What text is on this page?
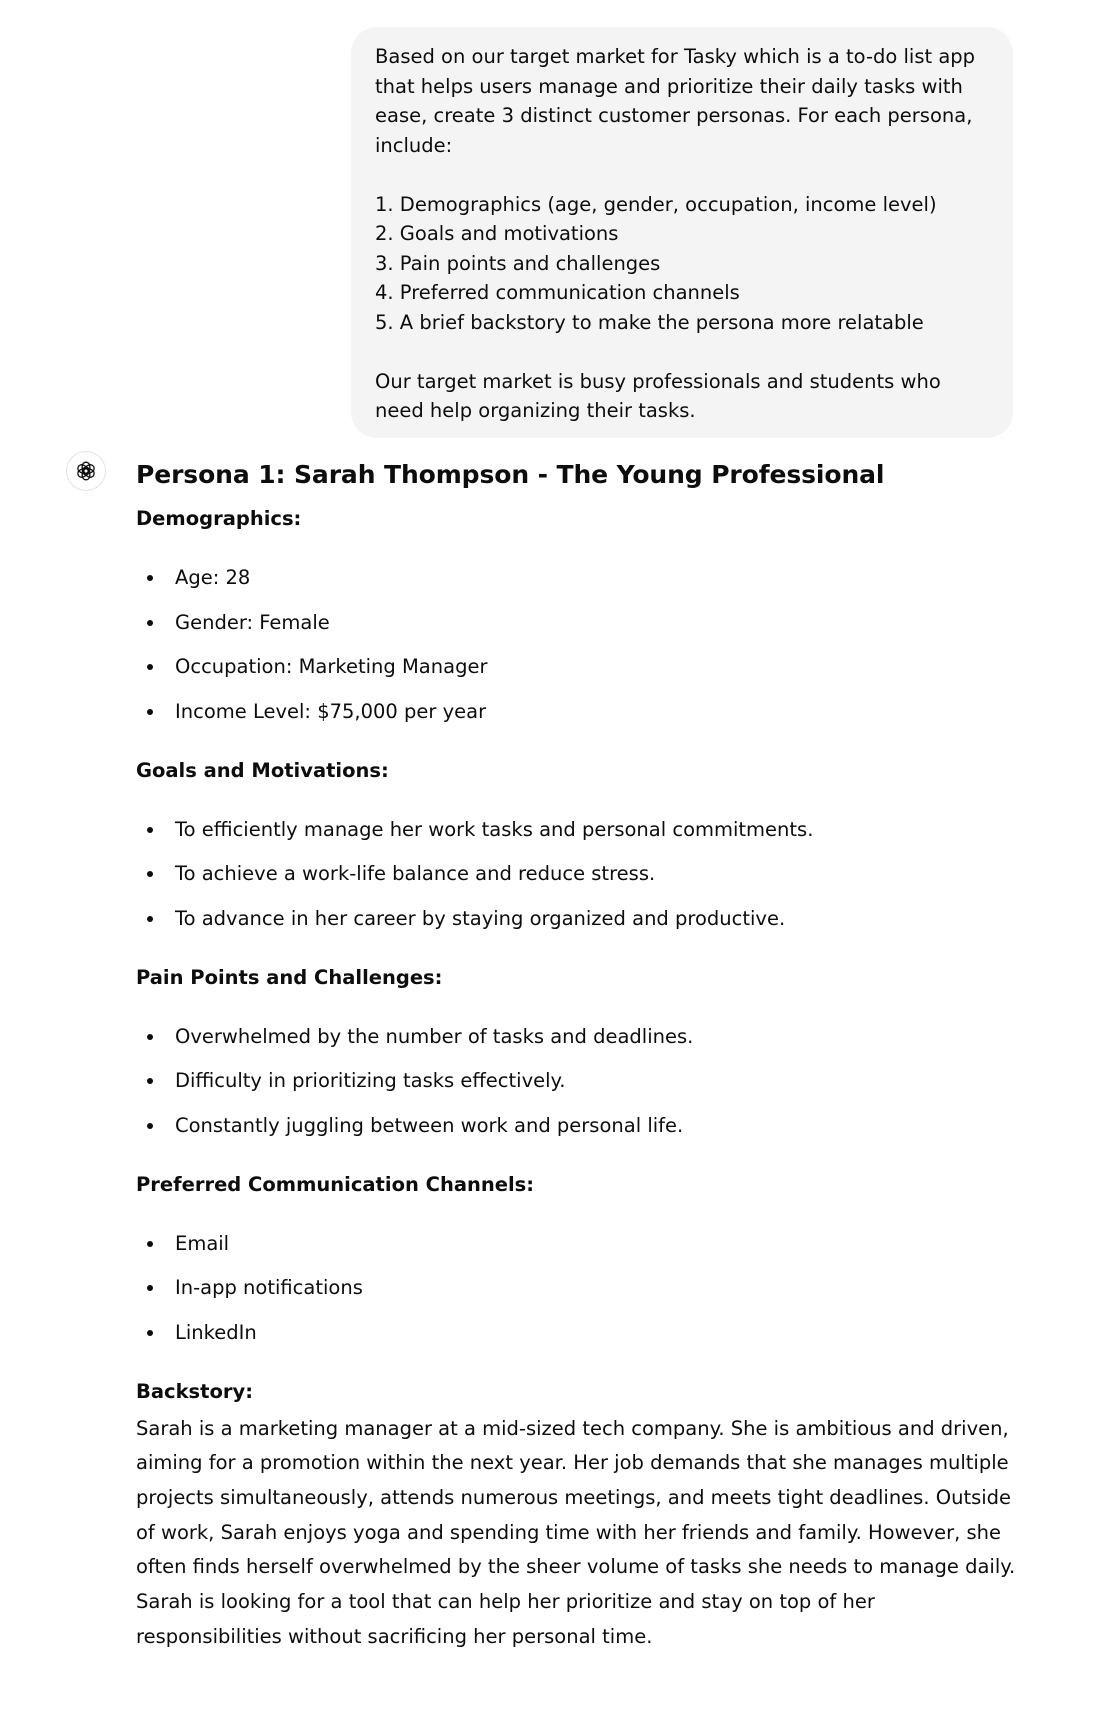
Based on our target market for Tasky which is a to-do list app that helps users manage and prioritize their daily tasks with ease, create 3 distinct customer personas. For each persona, include:

1. Demographics (age, gender, occupation, income level)

2. Goals and motivations

3. Pain points and challenges

4. Preferred communication channels

5. A brief backstory to make the persona more relatable

Our target market is busy professionals and students who need help organizing their tasks.

Persona 1: Sarah Thompson - The Young Professional

Demographics:

Age: 28
Gender: Female
Occupation: Marketing Manager
Income Level: $75,000 per year

Goals and Motivations:

To efficiently manage her work tasks and personal commitments.
To achieve a work-life balance and reduce stress.
To advance in her career by staying organized and productive.

Pain Points and Challenges:

Overwhelmed by the number of tasks and deadlines.
Difficulty in prioritizing tasks effectively.
Constantly juggling between work and personal life.

Preferred Communication Channels:

Email
In-app notifications
LinkedIn

Backstory:

Sarah is a marketing manager at a mid-sized tech company. She is ambitious and driven, aiming for a promotion within the next year. Her job demands that she manages multiple projects simultaneously, attends numerous meetings, and meets tight deadlines. Outside of work, Sarah enjoys yoga and spending time with her friends and family. However, she often finds herself overwhelmed by the sheer volume of tasks she needs to manage daily. Sarah is looking for a tool that can help her prioritize and stay on top of her responsibilities without sacrificing her personal time.
